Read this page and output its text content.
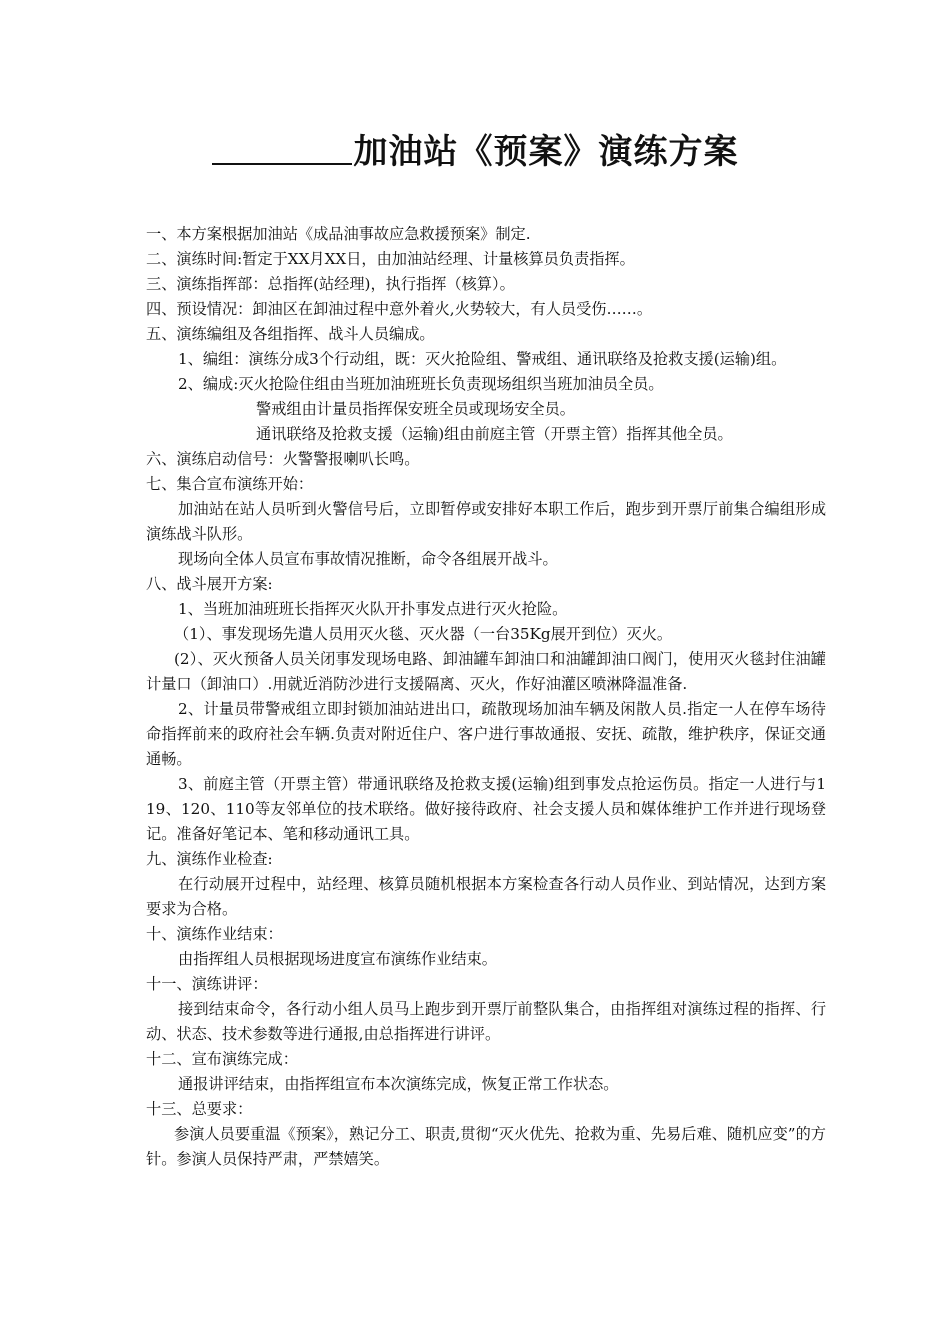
加油站《预案》演练方案

一、本方案根据加油站《成品油事故应急救援预案》制定.

二、演练时间:暂定于XX月XX日，由加油站经理、计量核算员负责指挥。

三、演练指挥部：总指挥(站经理)，执行指挥（核算）。

四、预设情况：卸油区在卸油过程中意外着火,火势较大，有人员受伤……。

五、演练编组及各组指挥、战斗人员编成。

1、编组：演练分成3个行动组，既：灭火抢险组、警戒组、通讯联络及抢救支援(运输)组。

2、编成:灭火抢险住组由当班加油班班长负责现场组织当班加油员全员。

警戒组由计量员指挥保安班全员或现场安全员。

通讯联络及抢救支援（运输)组由前庭主管（开票主管）指挥其他全员。

六、演练启动信号：火警警报喇叭长鸣。

七、集合宣布演练开始：

加油站在站人员听到火警信号后，立即暂停或安排好本职工作后，跑步到开票厅前集合编组形成演练战斗队形。

现场向全体人员宣布事故情况推断，命令各组展开战斗。

八、战斗展开方案:

1、当班加油班班长指挥灭火队开扑事发点进行灭火抢险。

（1）、事发现场先遣人员用灭火毯、灭火器（一台35Kg展开到位）灭火。

(2）、灭火预备人员关闭事发现场电路、卸油罐车卸油口和油罐卸油口阀门，使用灭火毯封住油罐计量口（卸油口）.用就近消防沙进行支援隔离、灭火，作好油灌区喷淋降温准备.

2、计量员带警戒组立即封锁加油站进出口，疏散现场加油车辆及闲散人员.指定一人在停车场待命指挥前来的政府社会车辆.负责对附近住户、客户进行事故通报、安抚、疏散，维护秩序，保证交通通畅。

3、前庭主管（开票主管）带通讯联络及抢救支援(运输)组到事发点抢运伤员。指定一人进行与119、120、110等友邻单位的技术联络。做好接待政府、社会支援人员和媒体维护工作并进行现场登记。准备好笔记本、笔和移动通讯工具。

九、演练作业检查:

在行动展开过程中，站经理、核算员随机根据本方案检查各行动人员作业、到站情况，达到方案要求为合格。

十、演练作业结束：

由指挥组人员根据现场进度宣布演练作业结束。

十一、演练讲评：

接到结束命令，各行动小组人员马上跑步到开票厅前整队集合，由指挥组对演练过程的指挥、行动、状态、技术参数等进行通报,由总指挥进行讲评。

十二、宣布演练完成：

通报讲评结束，由指挥组宣布本次演练完成，恢复正常工作状态。

十三、总要求：

参演人员要重温《预案》，熟记分工、职责,贯彻“灭火优先、抢救为重、先易后难、随机应变”的方针。参演人员保持严肃，严禁嬉笑。
